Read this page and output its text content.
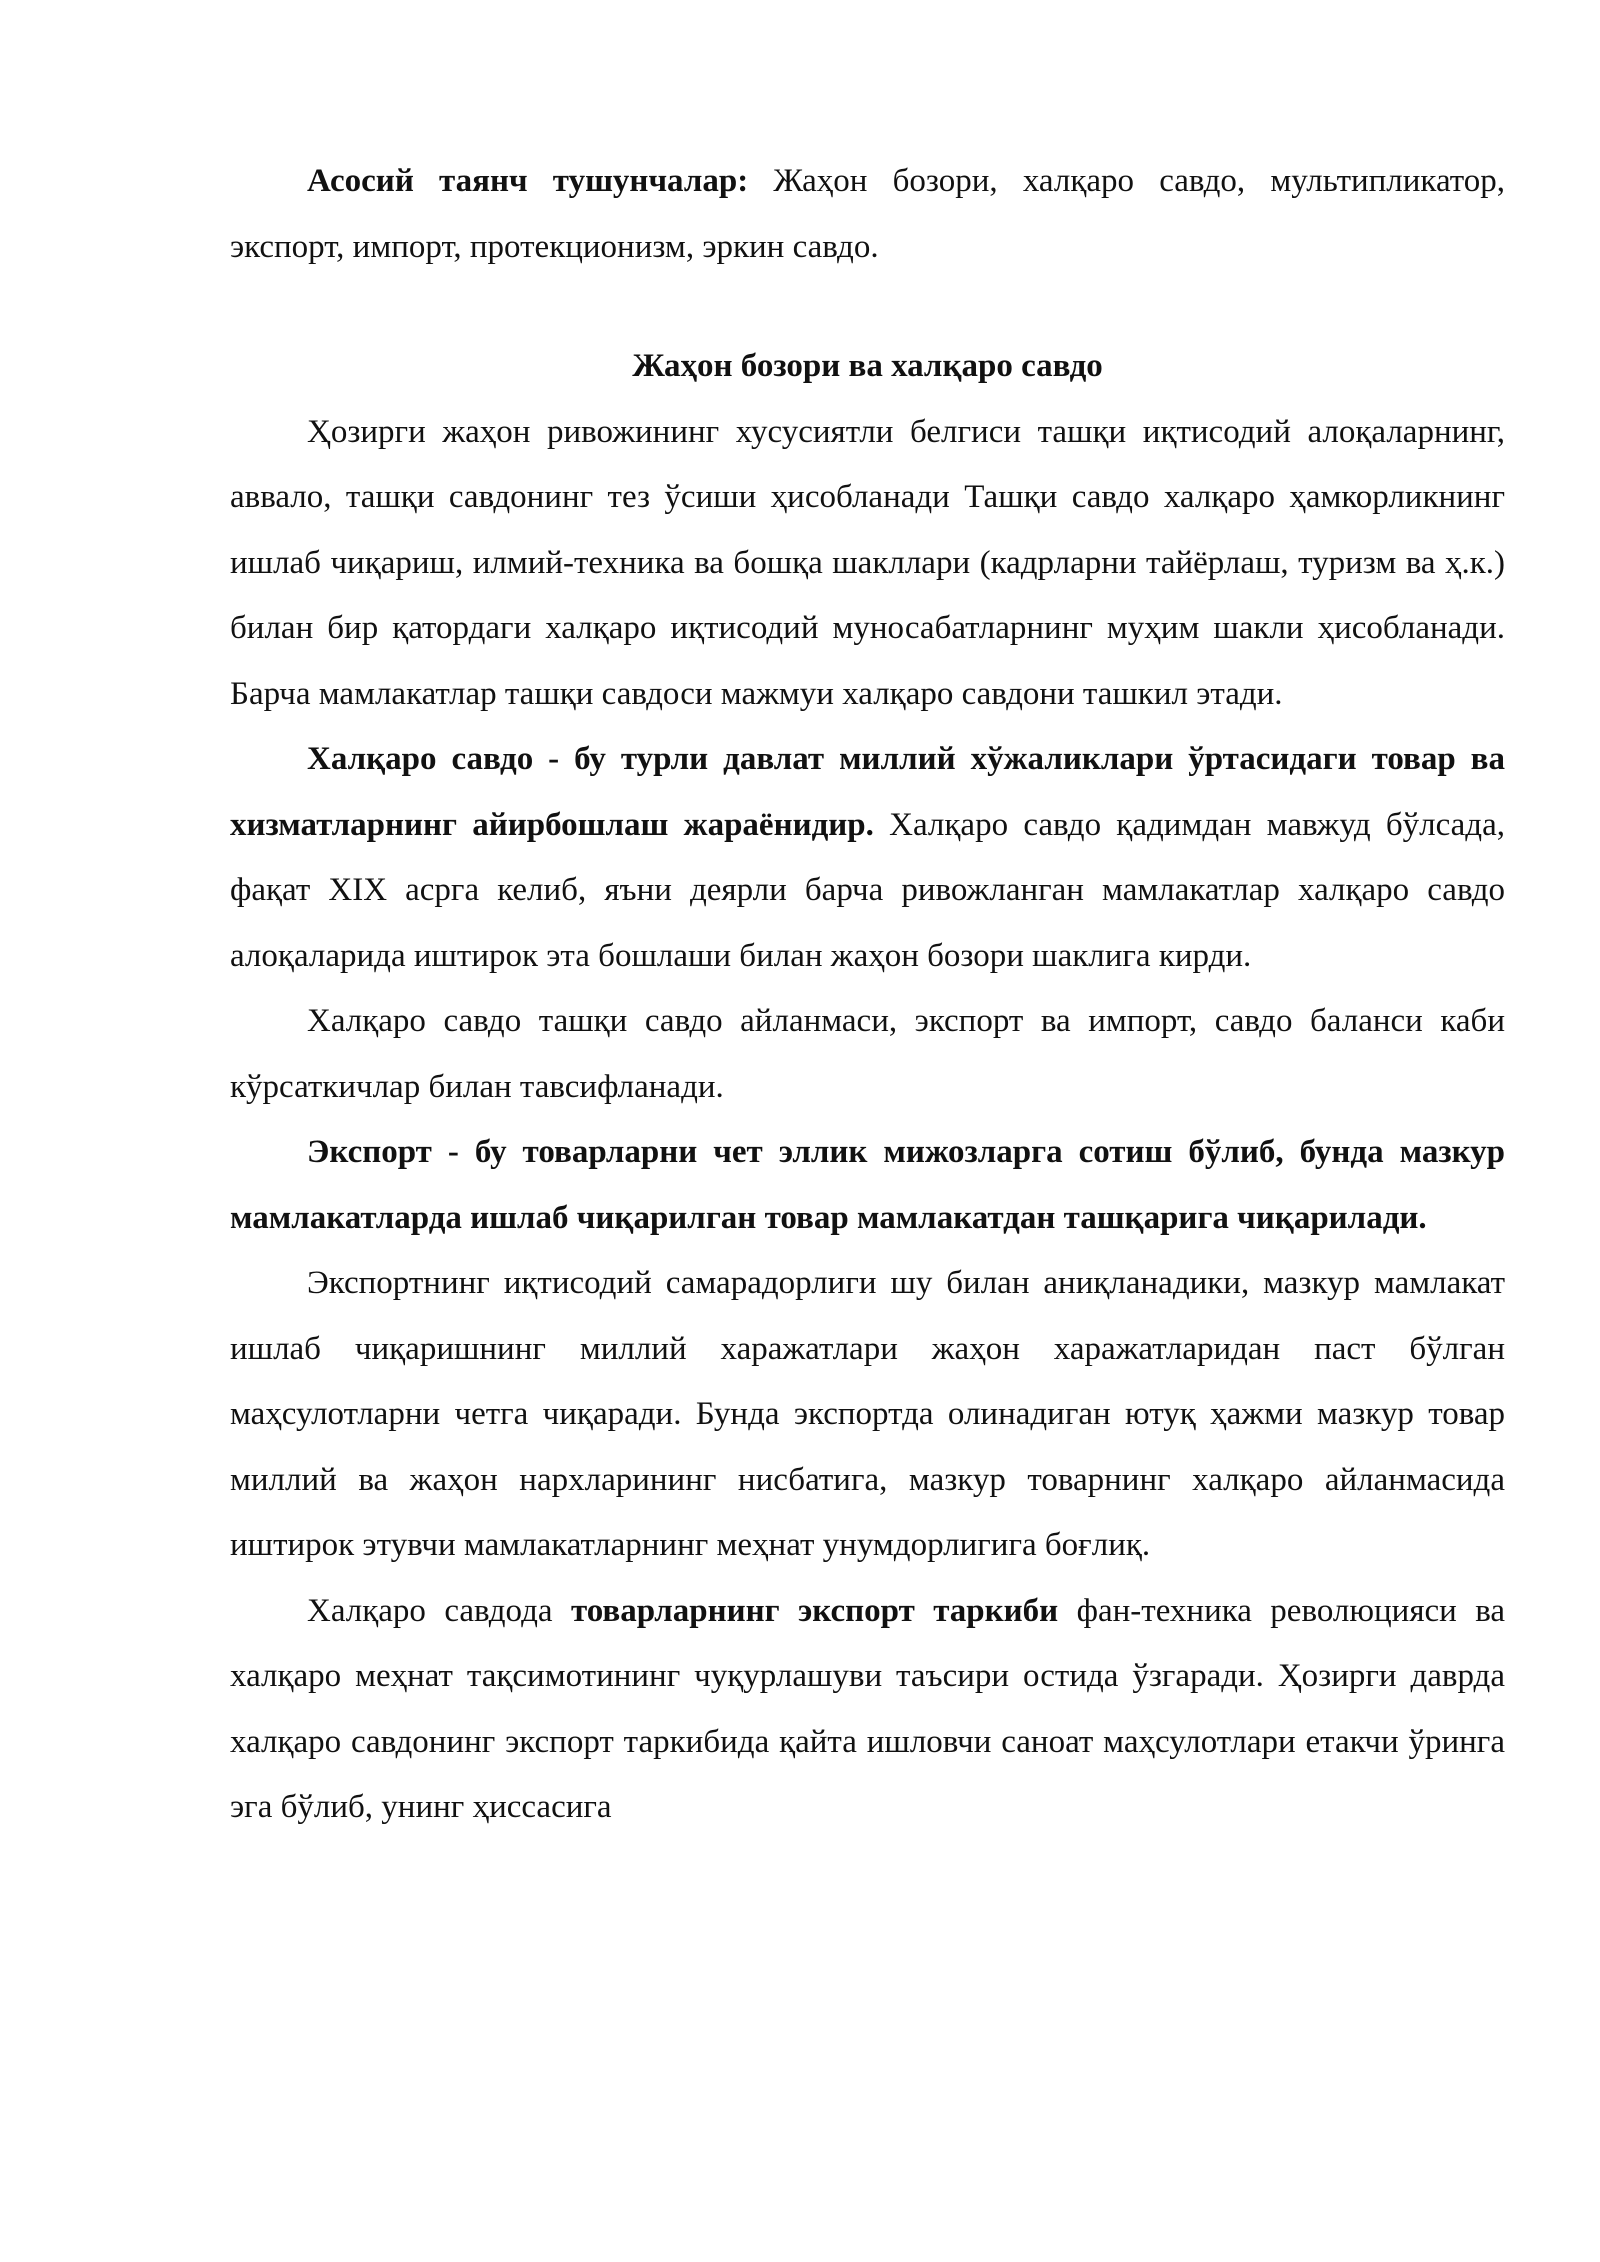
Асосий таянч тушунчалар: Жаҳон бозори, халқаро савдо, мультипликатор, экспорт, импорт, протекционизм, эркин савдо.

Жаҳон бозори ва халқаро савдо

Ҳозирги жаҳон ривожининг хусусиятли белгиси ташқи иқтисодий алоқаларнинг, аввало, ташқи савдонинг тез ўсиши ҳисобланади Ташқи савдо халқаро ҳамкорликнинг ишлаб чиқариш, илмий-техника ва бошқа шакллари (кадрларни тайёрлаш, туризм ва ҳ.к.) билан бир қатордаги халқаро иқтисодий муносабатларнинг муҳим шакли ҳисобланади. Барча мамлакатлар ташқи савдоси мажмуи халқаро савдони ташкил этади.

Халқаро савдо - бу турли давлат миллий хўжаликлари ўртасидаги товар ва хизматларнинг айирбошлаш жараёнидир. Халқаро савдо қадимдан мавжуд бўлсада, фақат XIX асрга келиб, яъни деярли барча ривожланган мамлакатлар халқаро савдо алоқаларида иштирок эта бошлаши билан жаҳон бозори шаклига кирди.

Халқаро савдо ташқи савдо айланмаси, экспорт ва импорт, савдо баланси каби кўрсаткичлар билан тавсифланади.

Экспорт - бу товарларни чет эллик мижозларга сотиш бўлиб, бунда мазкур мамлакатларда ишлаб чиқарилган товар мамлакатдан ташқарига чиқарилади.

Экспортнинг иқтисодий самарадорлиги шу билан аниқланадики, мазкур мамлакат ишлаб чиқаришнинг миллий харажатлари жаҳон харажатларидан паст бўлган маҳсулотларни четга чиқаради. Бунда экспортда олинадиган ютуқ ҳажми мазкур товар миллий ва жаҳон нархларининг нисбатига, мазкур товарнинг халқаро айланмасида иштирок этувчи мамлакатларнинг меҳнат унумдорлигига боғлиқ.

Халқаро савдода товарларнинг экспорт таркиби фан-техника революцияси ва халқаро меҳнат тақсимотининг чуқурлашуви таъсири остида ўзгаради. Ҳозирги даврда халқаро савдонинг экспорт таркибида қайта ишловчи саноат маҳсулотлари етакчи ўринга эга бўлиб, унинг ҳиссасига
